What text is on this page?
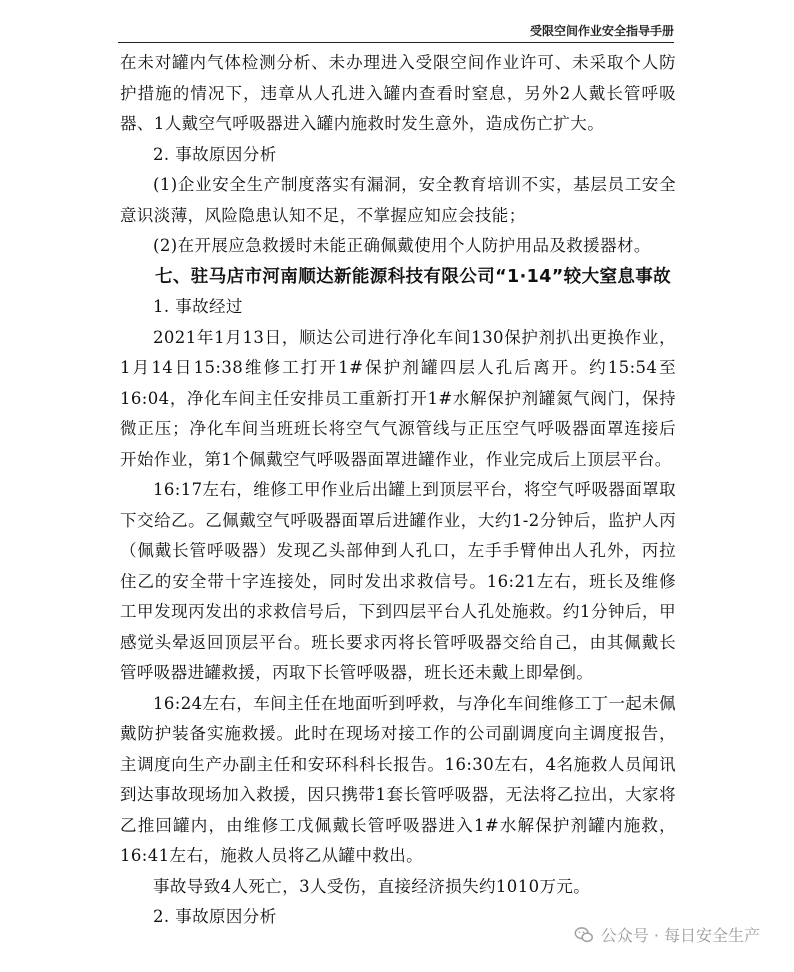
受限空间作业安全指导手册

在未对罐内气体检测分析、未办理进入受限空间作业许可、未采取个人防护措施的情况下，违章从人孔进入罐内查看时窒息，另外2人戴长管呼吸器、1人戴空气呼吸器进入罐内施救时发生意外，造成伤亡扩大。

2. 事故原因分析

(1)企业安全生产制度落实有漏洞，安全教育培训不实，基层员工安全意识淡薄，风险隐患认知不足，不掌握应知应会技能；

(2)在开展应急救援时未能正确佩戴使用个人防护用品及救援器材。

七、驻马店市河南顺达新能源科技有限公司“1·14”较大窒息事故

1. 事故经过

2021年1月13日，顺达公司进行净化车间130保护剂扒出更换作业，1月14日15:38维修工打开1#保护剂罐四层人孔后离开。约15:54至16:04，净化车间主任安排员工重新打开1#水解保护剂罐氮气阀门，保持微正压；净化车间当班班长将空气气源管线与正压空气呼吸器面罩连接后开始作业，第1个佩戴空气呼吸器面罩进罐作业，作业完成后上顶层平台。

16:17左右，维修工甲作业后出罐上到顶层平台，将空气呼吸器面罩取下交给乙。乙佩戴空气呼吸器面罩后进罐作业，大约1-2分钟后，监护人丙（佩戴长管呼吸器）发现乙头部伸到人孔口，左手手臂伸出人孔外，丙拉住乙的安全带十字连接处，同时发出求救信号。16:21左右，班长及维修工甲发现丙发出的求救信号后，下到四层平台人孔处施救。约1分钟后，甲感觉头晕返回顶层平台。班长要求丙将长管呼吸器交给自己，由其佩戴长管呼吸器进罐救援，丙取下长管呼吸器，班长还未戴上即晕倒。

16:24左右，车间主任在地面听到呼救，与净化车间维修工丁一起未佩戴防护装备实施救援。此时在现场对接工作的公司副调度向主调度报告，主调度向生产办副主任和安环科科长报告。16:30左右，4名施救人员闻讯到达事故现场加入救援，因只携带1套长管呼吸器，无法将乙拉出，大家将乙推回罐内，由维修工戊佩戴长管呼吸器进入1#水解保护剂罐内施救，16:41左右，施救人员将乙从罐中救出。

事故导致4人死亡，3人受伤，直接经济损失约1010万元。

2. 事故原因分析

公众号 · 每日安全生产
